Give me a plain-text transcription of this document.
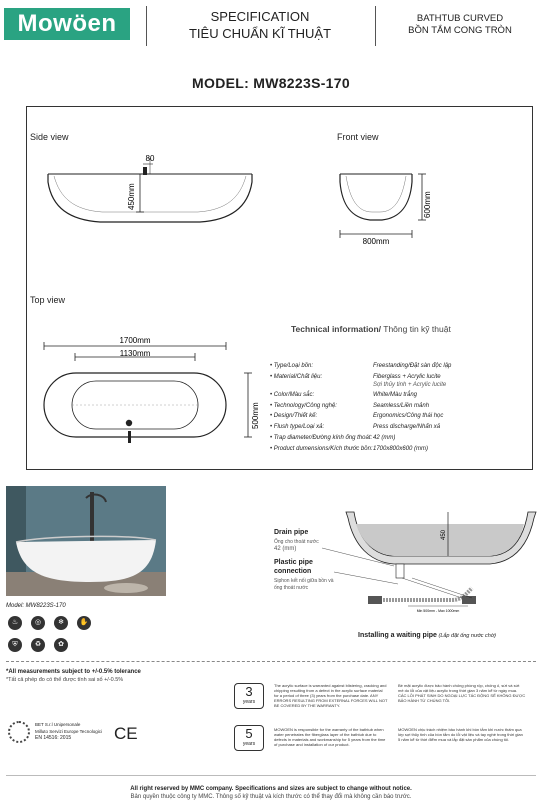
Mowöen	SPECIFICATION
TIÊU CHUẨN KĨ THUẬT
BATHTUB CURVED
BỒN TẮM CONG TRÒN
MODEL: MW8223S-170
Side view	Front view
Top view
80
450mm	600mm
800mm
1700mm
1130mm
500mm
Technical information/ Thông tin kỹ thuật
• Type/Loại bồn:	Freestanding/Đặt sàn độc lập
• Material/Chất liệu:	Fiberglass + Acrylic lucite
Sợi thủy tinh + Acrylic lucite
• Color/Màu sắc:	White/Màu trắng
• Technology/Công nghệ:	Seamless/Liền mảnh
• Design/Thiết kế:	Ergonomics/Công thái học
• Flush type/Loại xả:	Press discharge/Nhấn xả
• Trap diameter/Đường kính ống thoát: 42 (mm)
• Product dumensions/Kích thước bồn: 1700x800x600 (mm)
Model: MW8223S-170
♨	◎	❄	✋
⛨	♻	✿
450
Min 500mm - Max 1000mm
Drain pipe
Ống cho thoát nước
42 (mm)
Plastic pipe
connection
Siphon kết nối giữa bồn và
ống thoát nước
Installing a waiting pipe (Lắp đặt ống nước chờ)
*All measurements subject to +/-0.5% tolerance
*Tất cả phép đo có thể được tính sai số +/-0.5%
3
years
The acrylic surface is warranted against blistering, cracking and chipping resulting from a defect in the acrylic surface material for a period of three (3) years from the purchase date. ANY ERRORS RESULTING FROM EXTERNAL FORCES WILL NOT BE COVERED BY THE WARRANTY.
Bề mặt acrylic được bảo hành chống phồng rộp, chống ố, sứt và sứt mẻ do lỗi của vật liệu acrylic trong thời gian 3 năm kể từ ngày mua. CÁC LỖI PHÁT SINH DO NGOẠI LỰC TÁC ĐỘNG SẼ KHÔNG ĐƯỢC BẢO HÀNH TỪ CHÚNG TÔI.
5
years
MOWOEN is responsible for the warranty of the bathtub when water penetrates the fiberglass layer of the bathtub due to defects in materials and workmanship for 5 years from the time of purchase and installation of our product.
MOWOEN chịu trách nhiệm bảo hành khi bồn tắm khi nước thấm qua lớp sợi thủy tinh của bồn tắm do lỗi vật liệu và tay nghề trong thời gian 5 năm kể từ thời điểm mua và lắp đặt sản phẩm của chúng tôi.
BET S.r.l Unipersonale
Milluto Servizi Europe Tecnologici
EN 14516: 2015	CE
All right reserved by MMC company. Specifications and sizes are subject to change without notice.
Bản quyền thuộc công ty MMC. Thông số kỹ thuật và kích thước có thể thay đổi mà không cần báo trước.
